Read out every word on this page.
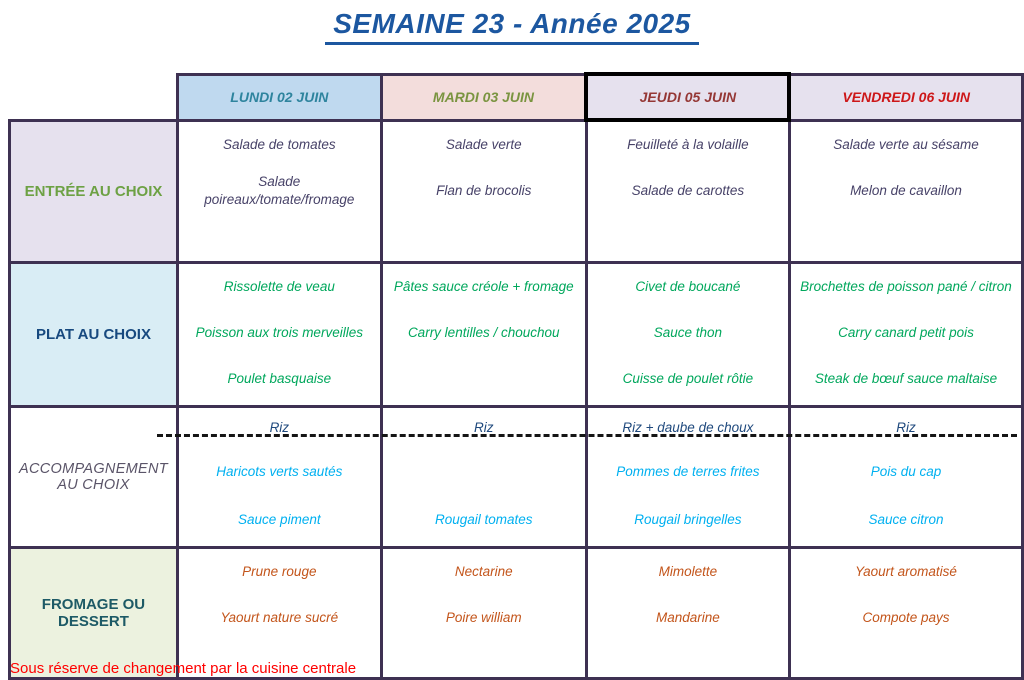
SEMAINE 23 - Année 2025
	LUNDI 02 JUIN	MARDI 03 JUIN	JEUDI 05 JUIN	VENDREDI 06 JUIN
ENTRÉE AU CHOIX	
Salade de tomates
Salade poireaux/tomate/fromage

Salade verte
Flan de brocolis

Feuilleté à la volaille
Salade de carottes

Salade verte au sésame
Melon de cavaillon

PLAT AU CHOIX	
Rissolette de veau
Poisson aux trois merveilles
Poulet basquaise

Pâtes sauce créole + fromage
Carry lentilles / chouchou

Civet de boucané
Sauce thon
Cuisse de poulet rôtie

Brochettes de poisson pané / citron
Carry canard petit pois
Steak de bœuf sauce maltaise

ACCOMPAGNEMENT AU CHOIX	
Riz
Haricots verts sautés
Sauce piment

Riz
Rougail tomates

Riz + daube de choux
Pommes de terres frites
Rougail bringelles

Riz
Pois du cap
Sauce citron

FROMAGE OU DESSERT	
Prune rouge
Yaourt nature sucré

Nectarine
Poire william

Mimolette
Mandarine

Yaourt aromatisé
Compote pays
Sous réserve de changement par la cuisine centrale
